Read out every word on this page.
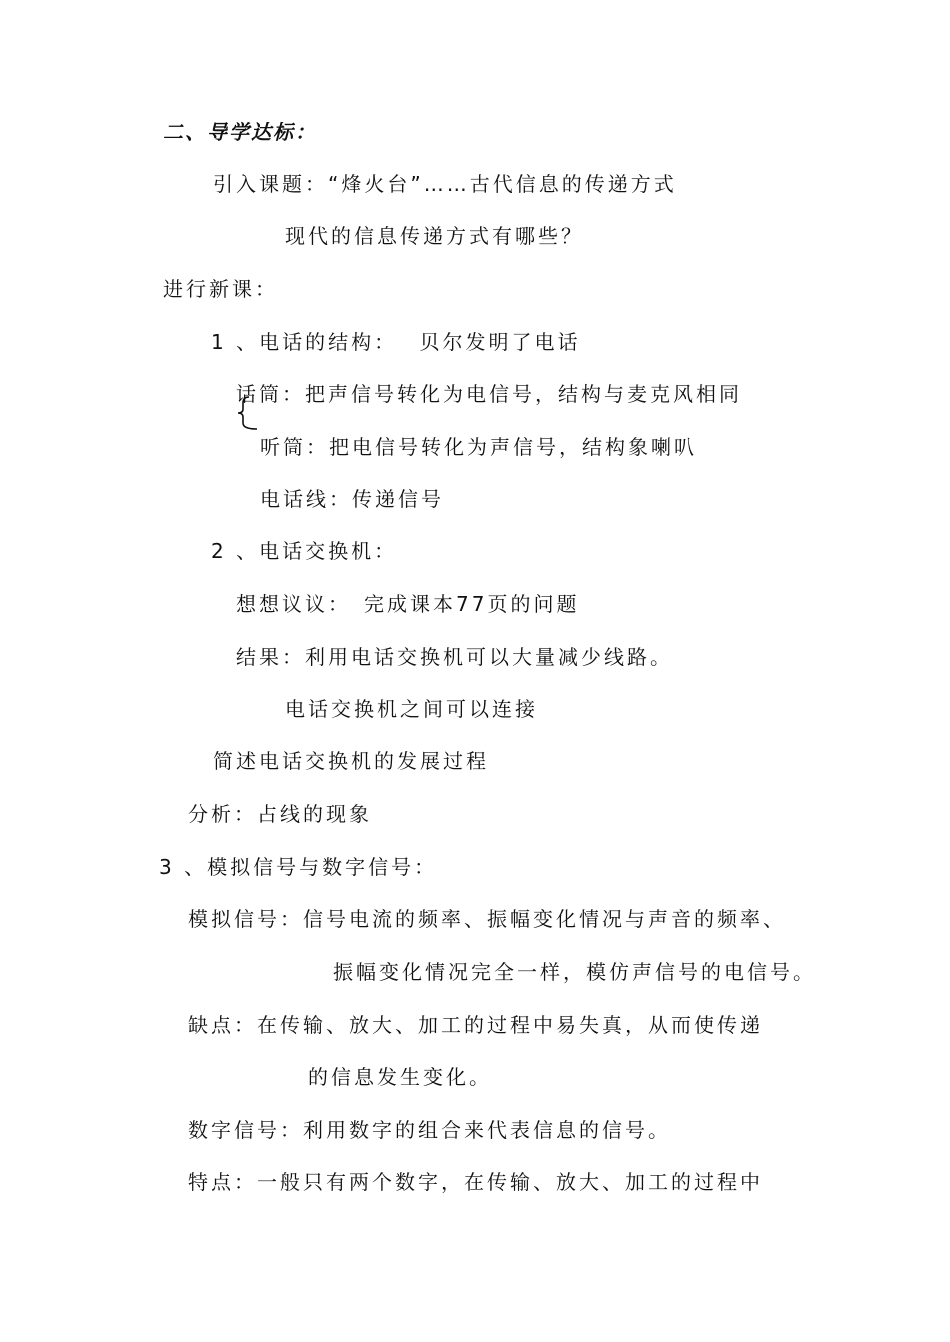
二、导学达标：
引入课题：“烽火台”……古代信息的传递方式
现代的信息传递方式有哪些？
进行新课：
1 、电话的结构：　 贝尔发明了电话
话筒：把声信号转化为电信号，结构与麦克风相同
听筒：把电信号转化为声信号，结构象喇叭
电话线：传递信号
2 、电话交换机：
想想议议：　完成课本77页的问题
结果：利用电话交换机可以大量减少线路。
电话交换机之间可以连接
简述电话交换机的发展过程
分析：占线的现象
3 、模拟信号与数字信号：
模拟信号：信号电流的频率、振幅变化情况与声音的频率、
振幅变化情况完全一样，模仿声信号的电信号。
缺点：在传输、放大、加工的过程中易失真，从而使传递
的信息发生变化。
数字信号：利用数字的组合来代表信息的信号。
特点：一般只有两个数字，在传输、放大、加工的过程中
